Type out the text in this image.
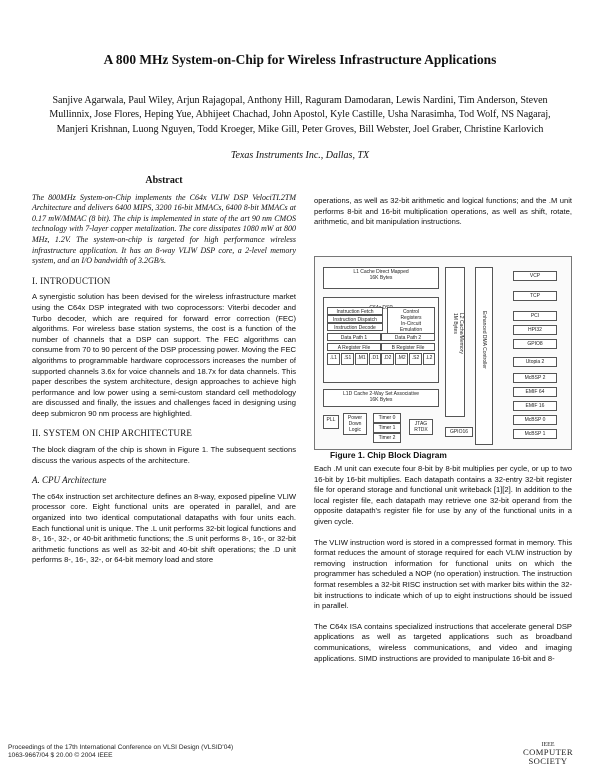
A 800 MHz System-on-Chip for Wireless Infrastructure Applications
Sanjive Agarwala, Paul Wiley, Arjun Rajagopal, Anthony Hill, Raguram Damodaran, Lewis Nardini, Tim Anderson, Steven Mullinnix, Jose Flores, Heping Yue, Abhijeet Chachad, John Apostol, Kyle Castille, Usha Narasimha, Tod Wolf, NS Nagaraj, Manjeri Krishnan, Luong Nguyen, Todd Kroeger, Mike Gill, Peter Groves, Bill Webster, Joel Graber, Christine Karlovich
Texas Instruments Inc., Dallas, TX

Abstract

The 800MHz System-on-Chip implements the C64x VLIW DSP VelociTI.2TM Architecture and delivers 6400 MIPS, 3200 16-bit MMACs, 6400 8-bit MMACs at 0.17 mW/MMAC (8 bit). The chip is implemented in state of the art 90 nm CMOS technology with 7-layer copper metalization. The core dissipates 1080 mW at 800 MHz, 1.2V. The system-on-chip is targeted for high performance wireless infrastructure application. It has an 8-way VLIW DSP core, a 2-level memory system, and an I/O bandwidth of 3.2GB/s.

I. INTRODUCTION

A synergistic solution has been devised for the wireless infrastructure market using the C64x DSP integrated with two coprocessors: Viterbi decoder and Turbo decoder, which are required for forward error correction (FEC) algorithms. For wireless base station systems, the cost is a function of the number of channels that a DSP can support. The FEC algorithms can consume from 70 to 90 percent of the DSP processing power. Moving the FEC algorithms to programmable hardware coprocessors increases the number of supported channels 3.6x for voice channels and 18.7x for data channels. This paper describes the system architecture, design approaches to achieve high performance and low power using a semi-custom standard cell methodology are discussed and finally, the issues and challenges faced in designing using deep submicron 90 nm process are highlighted.

II. SYSTEM ON CHIP ARCHITECTURE

The block diagram of the chip is shown in Figure 1. The subsequent sections discuss the various aspects of the architecture.

A. CPU Architecture

The c64x instruction set architecture defines an 8-way, exposed pipeline VLIW processor core. Eight functional units are operated in parallel, and are organized into two identical computational datapaths with four units each. Each functional unit is unique. The .L unit performs 32-bit logical functions and 8-, 16-, 32-, or 40-bit arithmetic functions; the .S unit performs 8-, 16-, or 32-bit arithmetic functions as well as 32-bit and 40-bit shift operations; the .D unit performs 8-, 16-, 32-, or 64-bit memory load and store

operations, as well as 32-bit arithmetic and logical functions; and the .M unit performs 8-bit and 16-bit multiplication operations, as well as shift, rotate, arithmetic, and bit manipulation instructions.

L1 Cache Direct Mapped
16K Bytes

Instruction Fetch
Instruction Dispatch
Instruction Decode
Control
Registers
In-Circuit
Emulation
Data Path 1	Data Path 2
A Register File	B Register File
.L1	.S1	.M1	.D1 .D2	.M2	.S2	.L2
L1D Cache 2-Way Set Associative
16K Bytes
PLL	Power
Down
Logic
Timer 0
Timer 1
Timer 2
JTAG
RTDX	GPIO16
L2 Cache/Memory
1M Bytes	Enhanced DMA Controller
VCP
TCP
PCI
HPI32
GPIO8
Utopia 2
McBSP 2
EMIF 64
EMIF 16
McBSP 0
McBSP 1
Figure 1. Chip Block Diagram

Each .M unit can execute four 8-bit by 8-bit multiplies per cycle, or up to two 16-bit by 16-bit multiplies. Each datapath contains a 32-entry 32-bit register file for operand storage and functional unit writeback [1][2]. In addition to the local register file, each datapath may retrieve one 32-bit operand from the opposite datapath's register file for use by any of the functional units in a given cycle.

The VLIW instruction word is stored in a compressed format in memory. This format reduces the amount of storage required for each VLIW instruction by removing instruction information for functional units on which the programmer has scheduled a NOP (no operation) instruction. The instruction format resembles a 32-bit RISC instruction set with marker bits within the 32-bit instructions to indicate which of up to eight instructions should be issued in parallel.

The C64x ISA contains specialized instructions that accelerate general DSP applications as well as targeted applications such as broadband communications, wireless communications, and video and imaging applications. SIMD instructions are provided to manipulate 16-bit and 8-

Proceedings of the 17th International Conference on VLSI Design (VLSID'04)
1063-9667/04 $ 20.00 © 2004 IEEE
IEEE
COMPUTER
SOCIETY
